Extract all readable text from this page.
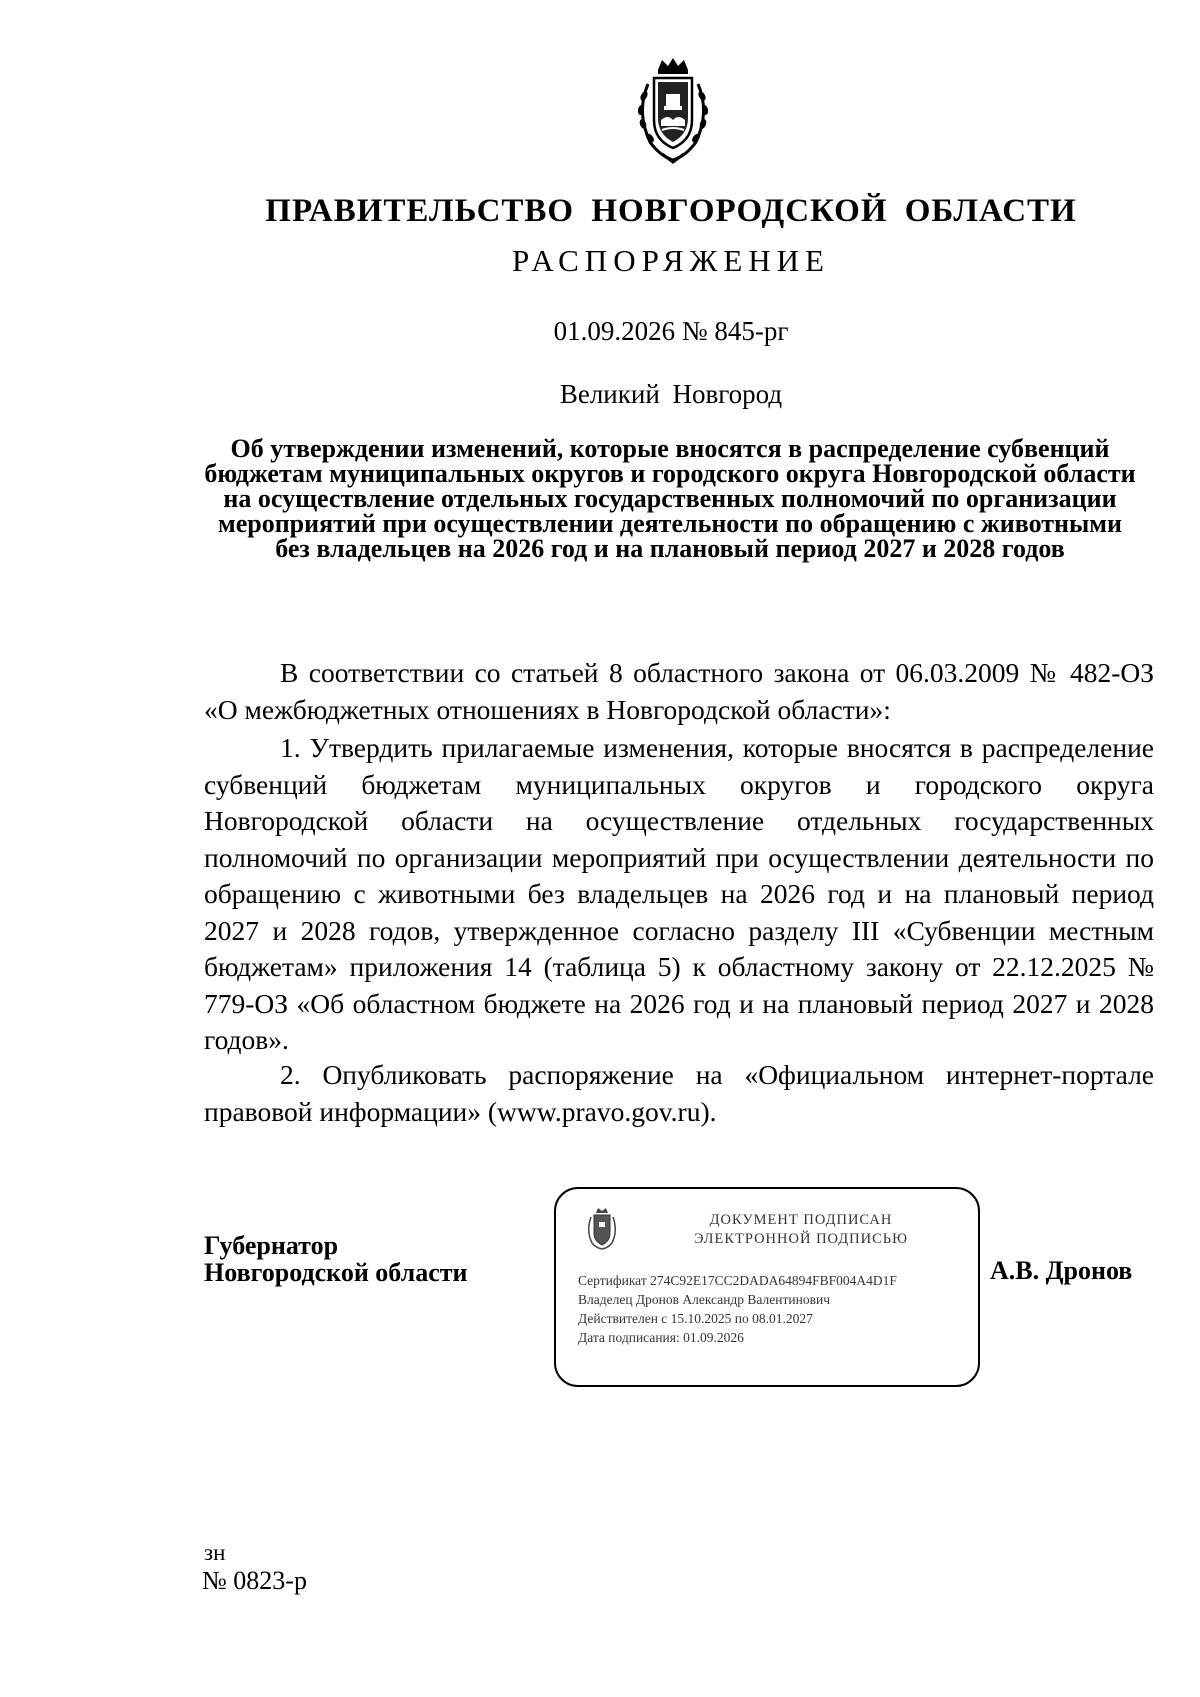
ПРАВИТЕЛЬСТВО НОВГОРОДСКОЙ ОБЛАСТИ
РАСПОРЯЖЕНИЕ
01.09.2026 № 845-рг
Великий Новгород
Об утверждении изменений, которые вносятся в распределение субвенций бюджетам муниципальных округов и городского округа Новгородской области на осуществление отдельных государственных полномочий по организации мероприятий при осуществлении деятельности по обращению с животными без владельцев на 2026 год и на плановый период 2027 и 2028 годов
В соответствии со статьей 8 областного закона от 06.03.2009 № 482-ОЗ «О межбюджетных отношениях в Новгородской области»:
1. Утвердить прилагаемые изменения, которые вносятся в распределение субвенций бюджетам муниципальных округов и городского округа Новгородской области на осуществление отдельных государственных полномочий по организации мероприятий при осуществлении деятельности по обращению с животными без владельцев на 2026 год и на плановый период 2027 и 2028 годов, утвержденное согласно разделу III «Субвенции местным бюджетам» приложения 14 (таблица 5) к областному закону от 22.12.2025 № 779-ОЗ «Об областном бюджете на 2026 год и на плановый период 2027 и 2028 годов».
2. Опубликовать распоряжение на «Официальном интернет-портале правовой информации» (www.pravo.gov.ru).
Губернатор
Новгородской области
ДОКУМЕНТ ПОДПИСАН
ЭЛЕКТРОННОЙ ПОДПИСЬЮ
Сертификат 274C92E17CC2DADA64894FBF004A4D1F
Владелец Дронов Александр Валентинович
Действителен с 15.10.2025 по 08.01.2027
Дата подписания: 01.09.2026
А.В. Дронов
зн
№ 0823-р
